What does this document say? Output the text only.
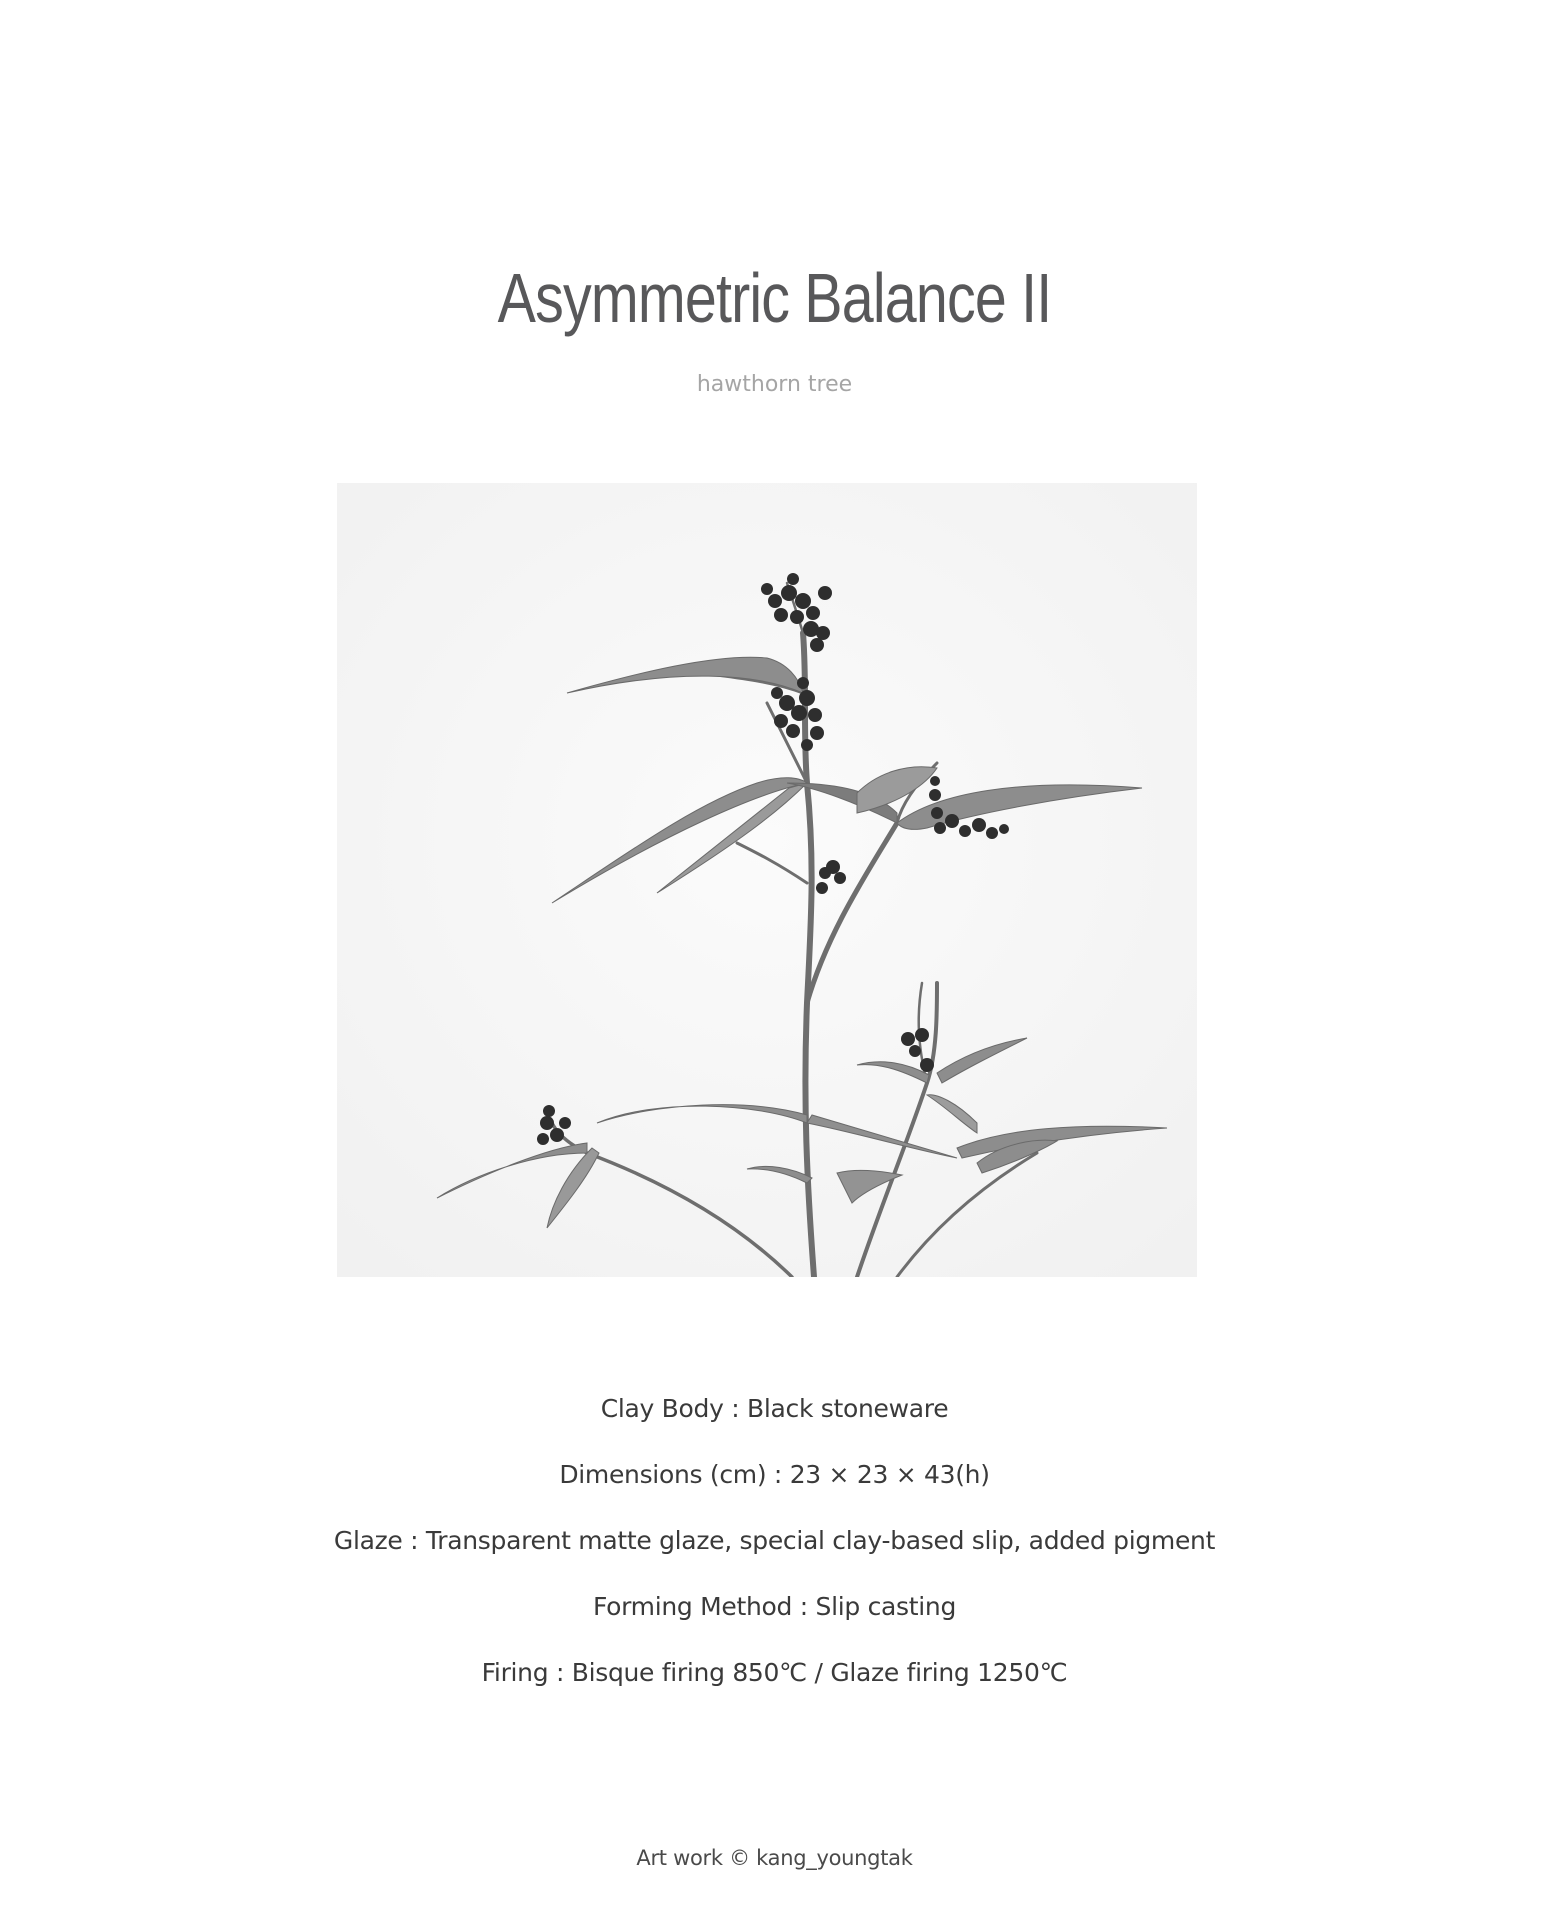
Asymmetric Balance II
hawthorn tree
Clay Body : Black stoneware
Dimensions (cm) : 23 × 23 × 43(h)
Glaze : Transparent matte glaze, special clay-based slip, added pigment
Forming Method : Slip casting
Firing : Bisque firing 850℃ / Glaze firing 1250℃
Art work © kang_youngtak
